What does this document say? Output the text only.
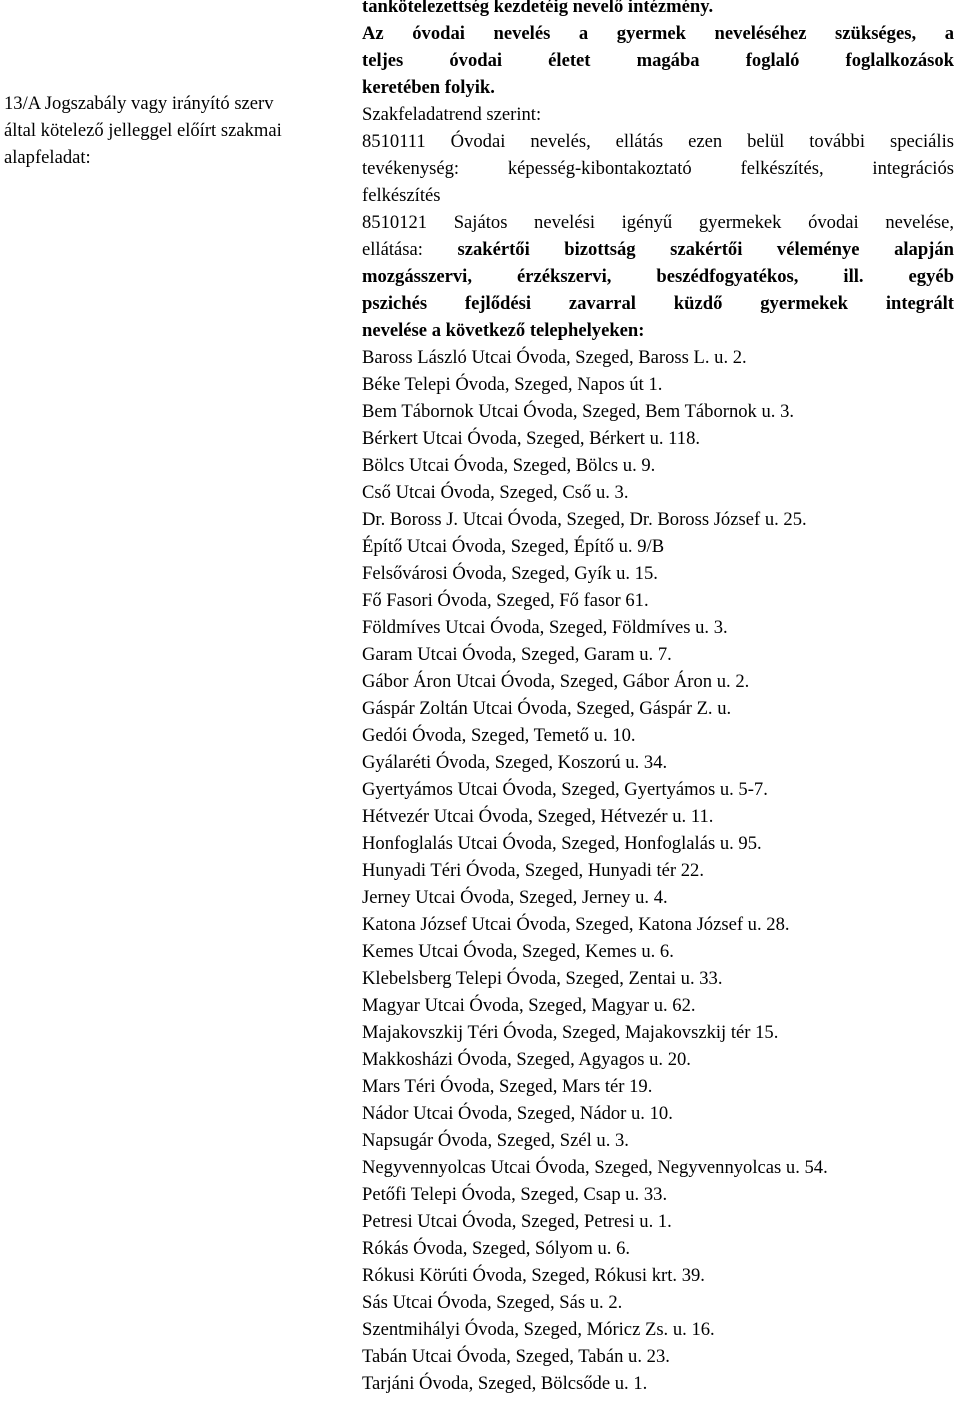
13/A Jogszabály vagy irányító szerv
által kötelező jelleggel előírt szakmai
alapfeladat:
tankötelezettség kezdetéig nevelő intézmény.
Az óvodai nevelés a gyermek neveléséhez szükséges, a
teljes óvodai életet magába foglaló foglalkozások
keretében folyik.
Szakfeladatrend szerint:
8510111 Óvodai nevelés, ellátás ezen belül további speciális
tevékenység: képesség-kibontakoztató felkészítés, integrációs
felkészítés
8510121 Sajátos nevelési igényű gyermekek óvodai nevelése,
ellátása: szakértői bizottság szakértői véleménye alapján
mozgásszervi, érzékszervi, beszédfogyatékos, ill. egyéb
pszichés fejlődési zavarral küzdő gyermekek integrált
nevelése a következő telephelyeken:
Baross László Utcai Óvoda, Szeged, Baross L. u. 2.
Béke Telepi Óvoda, Szeged, Napos út 1.
Bem Tábornok Utcai Óvoda, Szeged, Bem Tábornok u. 3.
Bérkert Utcai Óvoda, Szeged, Bérkert u. 118.
Bölcs Utcai Óvoda, Szeged, Bölcs u. 9.
Cső Utcai Óvoda, Szeged, Cső u. 3.
Dr. Boross J. Utcai Óvoda, Szeged, Dr. Boross József u. 25.
Építő Utcai Óvoda, Szeged, Építő u. 9/B
Felsővárosi Óvoda, Szeged, Gyík u. 15.
Fő Fasori Óvoda, Szeged, Fő fasor 61.
Földmíves Utcai Óvoda, Szeged, Földmíves u. 3.
Garam Utcai Óvoda, Szeged, Garam u. 7.
Gábor Áron Utcai Óvoda, Szeged, Gábor Áron u. 2.
Gáspár Zoltán Utcai Óvoda, Szeged, Gáspár Z. u.
Gedói Óvoda, Szeged, Temető u. 10.
Gyálaréti Óvoda, Szeged, Koszorú u. 34.
Gyertyámos Utcai Óvoda, Szeged, Gyertyámos u. 5-7.
Hétvezér Utcai Óvoda, Szeged, Hétvezér u. 11.
Honfoglalás Utcai Óvoda, Szeged, Honfoglalás u. 95.
Hunyadi Téri Óvoda, Szeged, Hunyadi tér 22.
Jerney Utcai Óvoda, Szeged, Jerney u. 4.
Katona József Utcai Óvoda, Szeged, Katona József u. 28.
Kemes Utcai Óvoda, Szeged, Kemes u. 6.
Klebelsberg Telepi Óvoda, Szeged, Zentai u. 33.
Magyar Utcai Óvoda, Szeged, Magyar u. 62.
Majakovszkij Téri Óvoda, Szeged, Majakovszkij tér 15.
Makkosházi Óvoda, Szeged, Agyagos u. 20.
Mars Téri Óvoda, Szeged, Mars tér 19.
Nádor Utcai Óvoda, Szeged, Nádor u. 10.
Napsugár Óvoda, Szeged, Szél u. 3.
Negyvennyolcas Utcai Óvoda, Szeged, Negyvennyolcas u. 54.
Petőfi Telepi Óvoda, Szeged, Csap u. 33.
Petresi Utcai Óvoda, Szeged, Petresi u. 1.
Rókás Óvoda, Szeged, Sólyom u. 6.
Rókusi Körúti Óvoda, Szeged, Rókusi krt. 39.
Sás Utcai Óvoda, Szeged, Sás u. 2.
Szentmihályi Óvoda, Szeged, Móricz Zs. u. 16.
Tabán Utcai Óvoda, Szeged, Tabán u. 23.
Tarjáni Óvoda, Szeged, Bölcsőde u. 1.
